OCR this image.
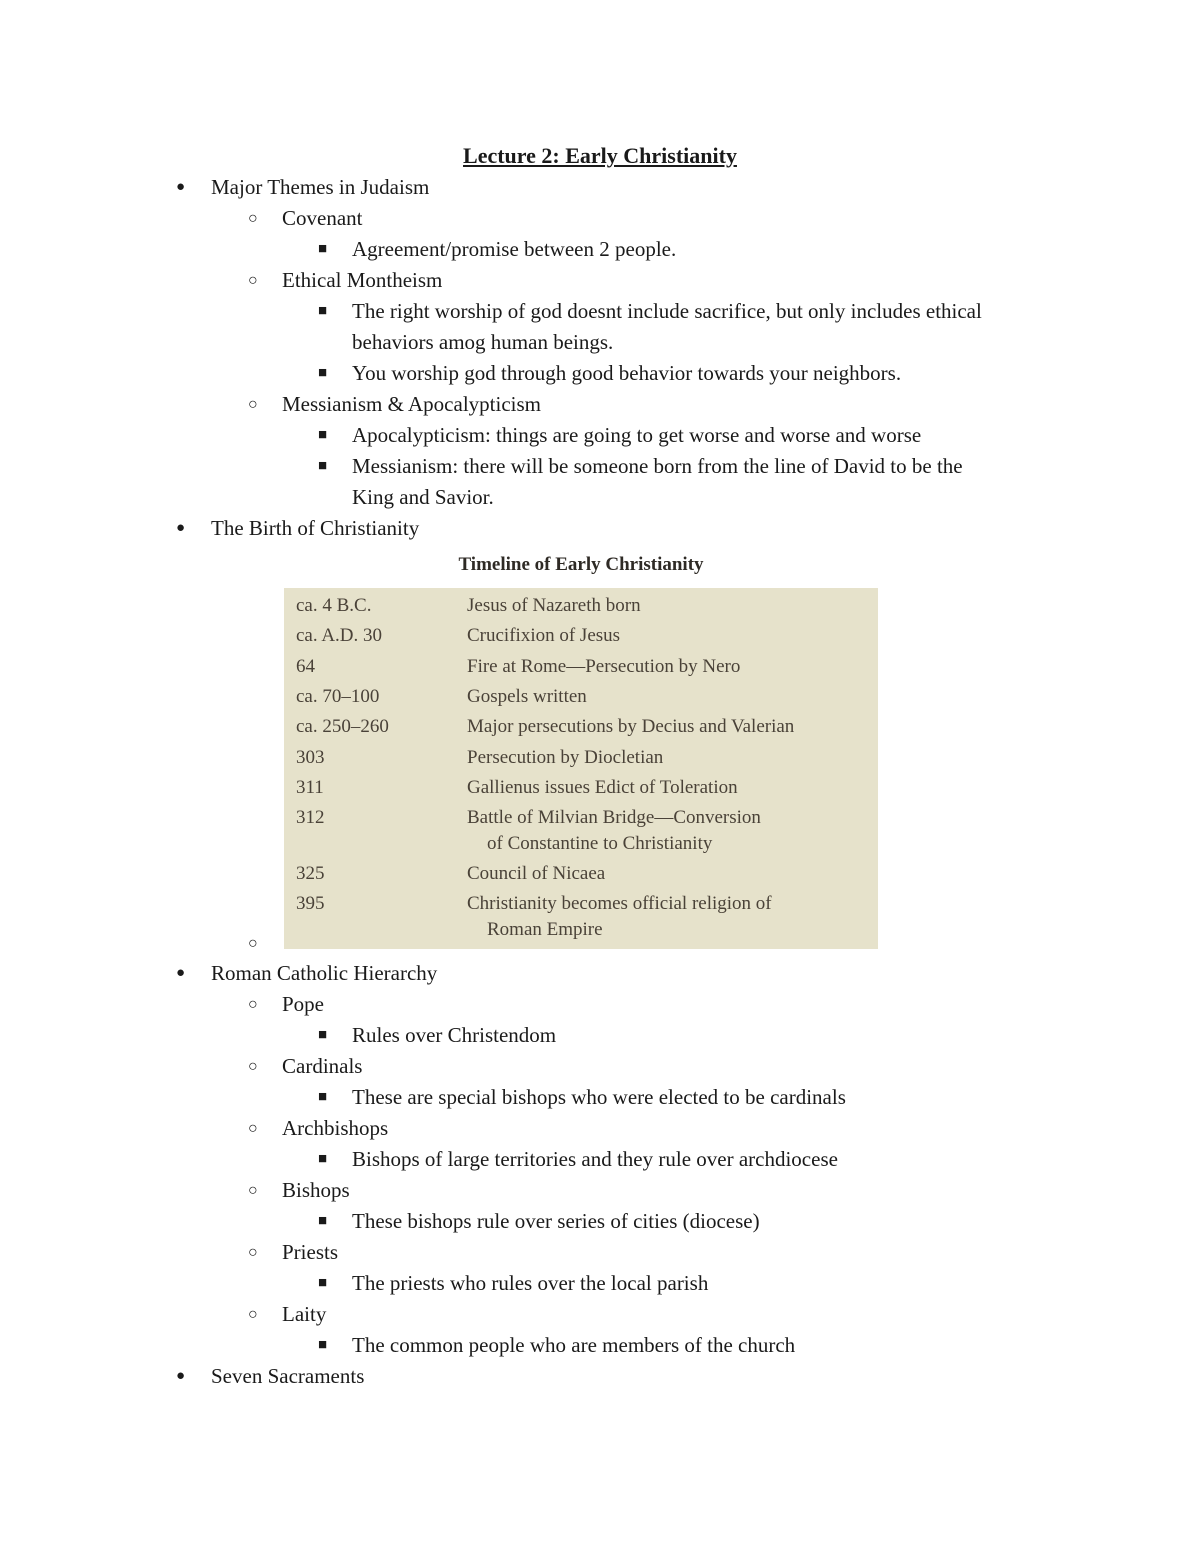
Lecture 2: Early Christianity
● Major Themes in Judaism
○ Covenant
■ Agreement/promise between 2 people.
○ Ethical Montheism
■ The right worship of god doesnt include sacrifice, but only includes ethical
behaviors amog human beings.
■ You worship god through good behavior towards your neighbors.
○ Messianism & Apocalypticism
■ Apocalypticism: things are going to get worse and worse and worse
■ Messianism: there will be someone born from the line of David to be the
King and Savior.
● The Birth of Christianity
Timeline of Early Christianity
ca. 4 B.C.	Jesus of Nazareth born
ca. A.D. 30	Crucifixion of Jesus
64	Fire at Rome—Persecution by Nero
ca. 70–100	Gospels written
ca. 250–260	Major persecutions by Decius and Valerian
303	Persecution by Diocletian
311	Gallienus issues Edict of Toleration
312	Battle of Milvian Bridge—Conversion
of Constantine to Christianity
325	Council of Nicaea
395	Christianity becomes official religion of
Roman Empire
○
● Roman Catholic Hierarchy
○ Pope
■ Rules over Christendom
○ Cardinals
■ These are special bishops who were elected to be cardinals
○ Archbishops
■ Bishops of large territories and they rule over archdiocese
○ Bishops
■ These bishops rule over series of cities (diocese)
○ Priests
■ The priests who rules over the local parish
○ Laity
■ The common people who are members of the church
● Seven Sacraments
